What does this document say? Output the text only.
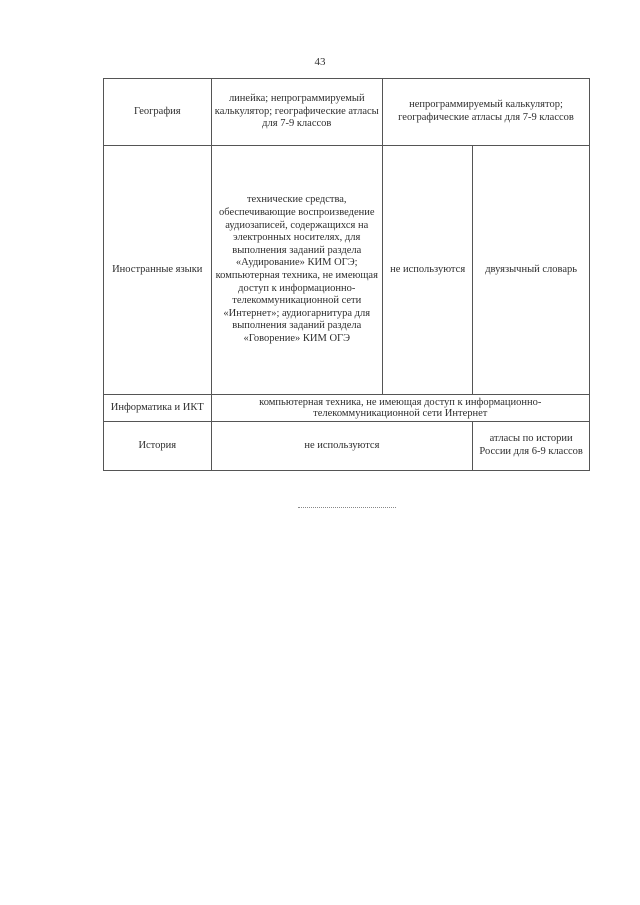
43
География	линейка; непрограммируемый калькулятор; географические атласы для 7-9 классов	непрограммируемый калькулятор; географические атласы для 7-9 классов	
Иностранные языки	технические средства, обеспечивающие воспроизведение аудиозаписей, содержащихся на электронных носителях, для выполнения заданий раздела «Аудирование» КИМ ОГЭ; компьютерная техника, не имеющая доступ к информационно-телекоммуникационной сети «Интернет»; аудиогарнитура для выполнения заданий раздела «Говорение» КИМ ОГЭ	не используются	двуязычный словарь
Информатика и ИКТ	компьютерная техника, не имеющая доступ к информационно-телекоммуникационной сети Интернет		
История	не используются		атласы по истории России для 6-9 классов
